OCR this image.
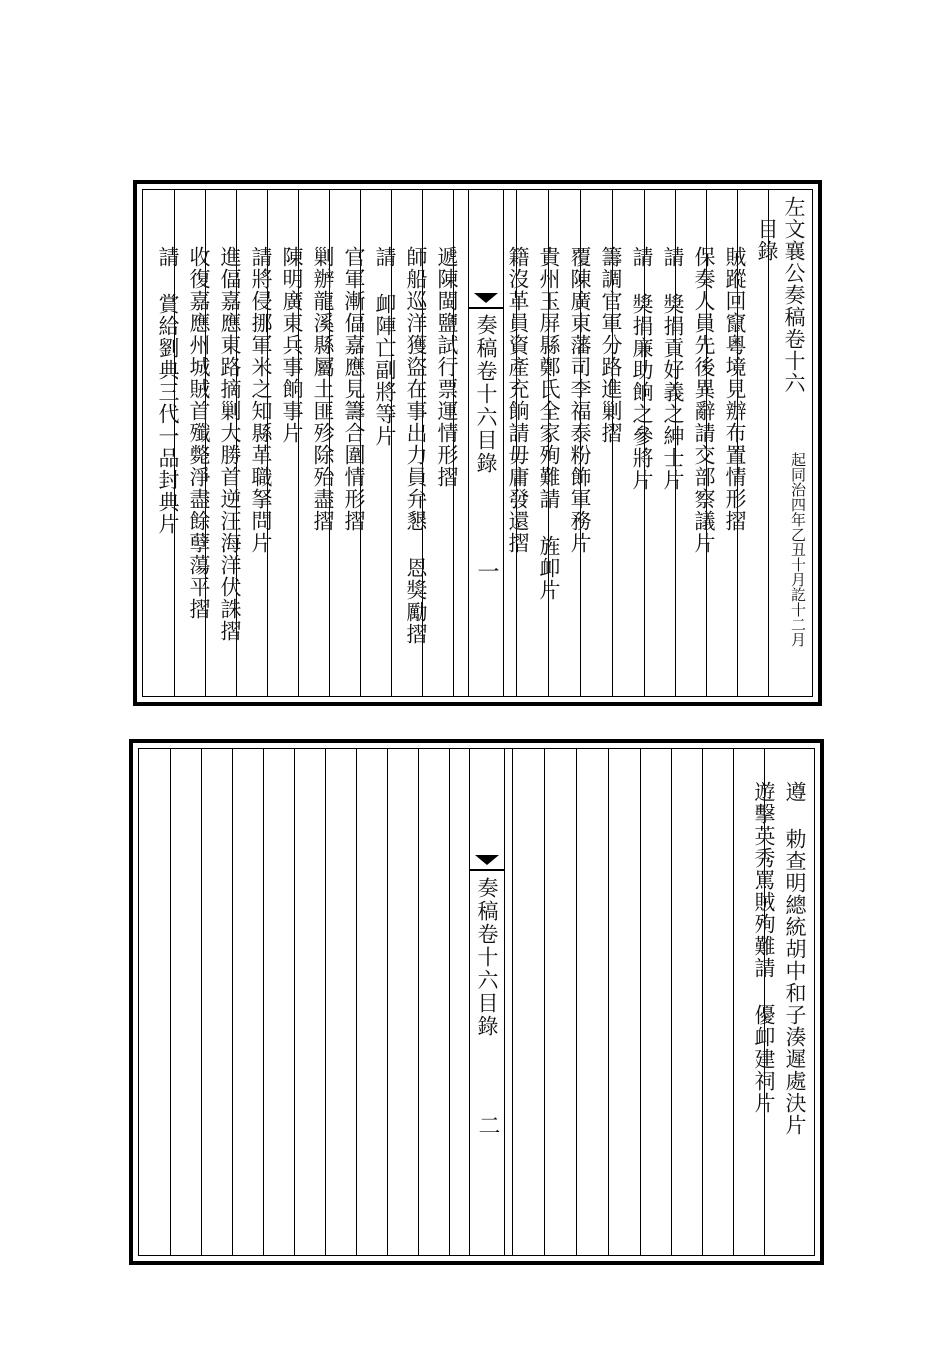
奏稿卷十六目錄
一
左文襄公奏稿卷十六
起同治四年乙丑十月訖十二月
目錄
賊蹤回竄粵境見辦布置情形摺
保奏人員先後異辭請交部察議片
請 獎捐貢好義之紳士片
請 獎捐廉助餉之參將片
籌調官軍分路進剿摺
覆陳廣東藩司李福泰粉飾軍務片
貴州玉屏縣鄭氏全家殉難請 旌卹片
籍沒革員資產充餉請毋庸發還摺
遞陳閩鹽試行票運情形摺
師船巡洋獲盜在事出力員弁懇 恩獎勵摺
請 卹陣亡副將等片
官軍漸偪嘉應見籌合圍情形摺
剿辦龍溪縣屬土匪殄除殆盡摺
陳明廣東兵事餉事片
請將侵挪軍米之知縣革職拏問片
進偪嘉應東路摘剿大勝首逆汪海洋伏誅摺
收復嘉應州城賊首殲斃淨盡餘孽蕩平摺
請 賞給劉典三代一品封典片
奏稿卷十六目錄
二	遵 勅查明總統胡中和子湊遲處決片
遊擊英秀罵賊殉難請 優卹建祠片
